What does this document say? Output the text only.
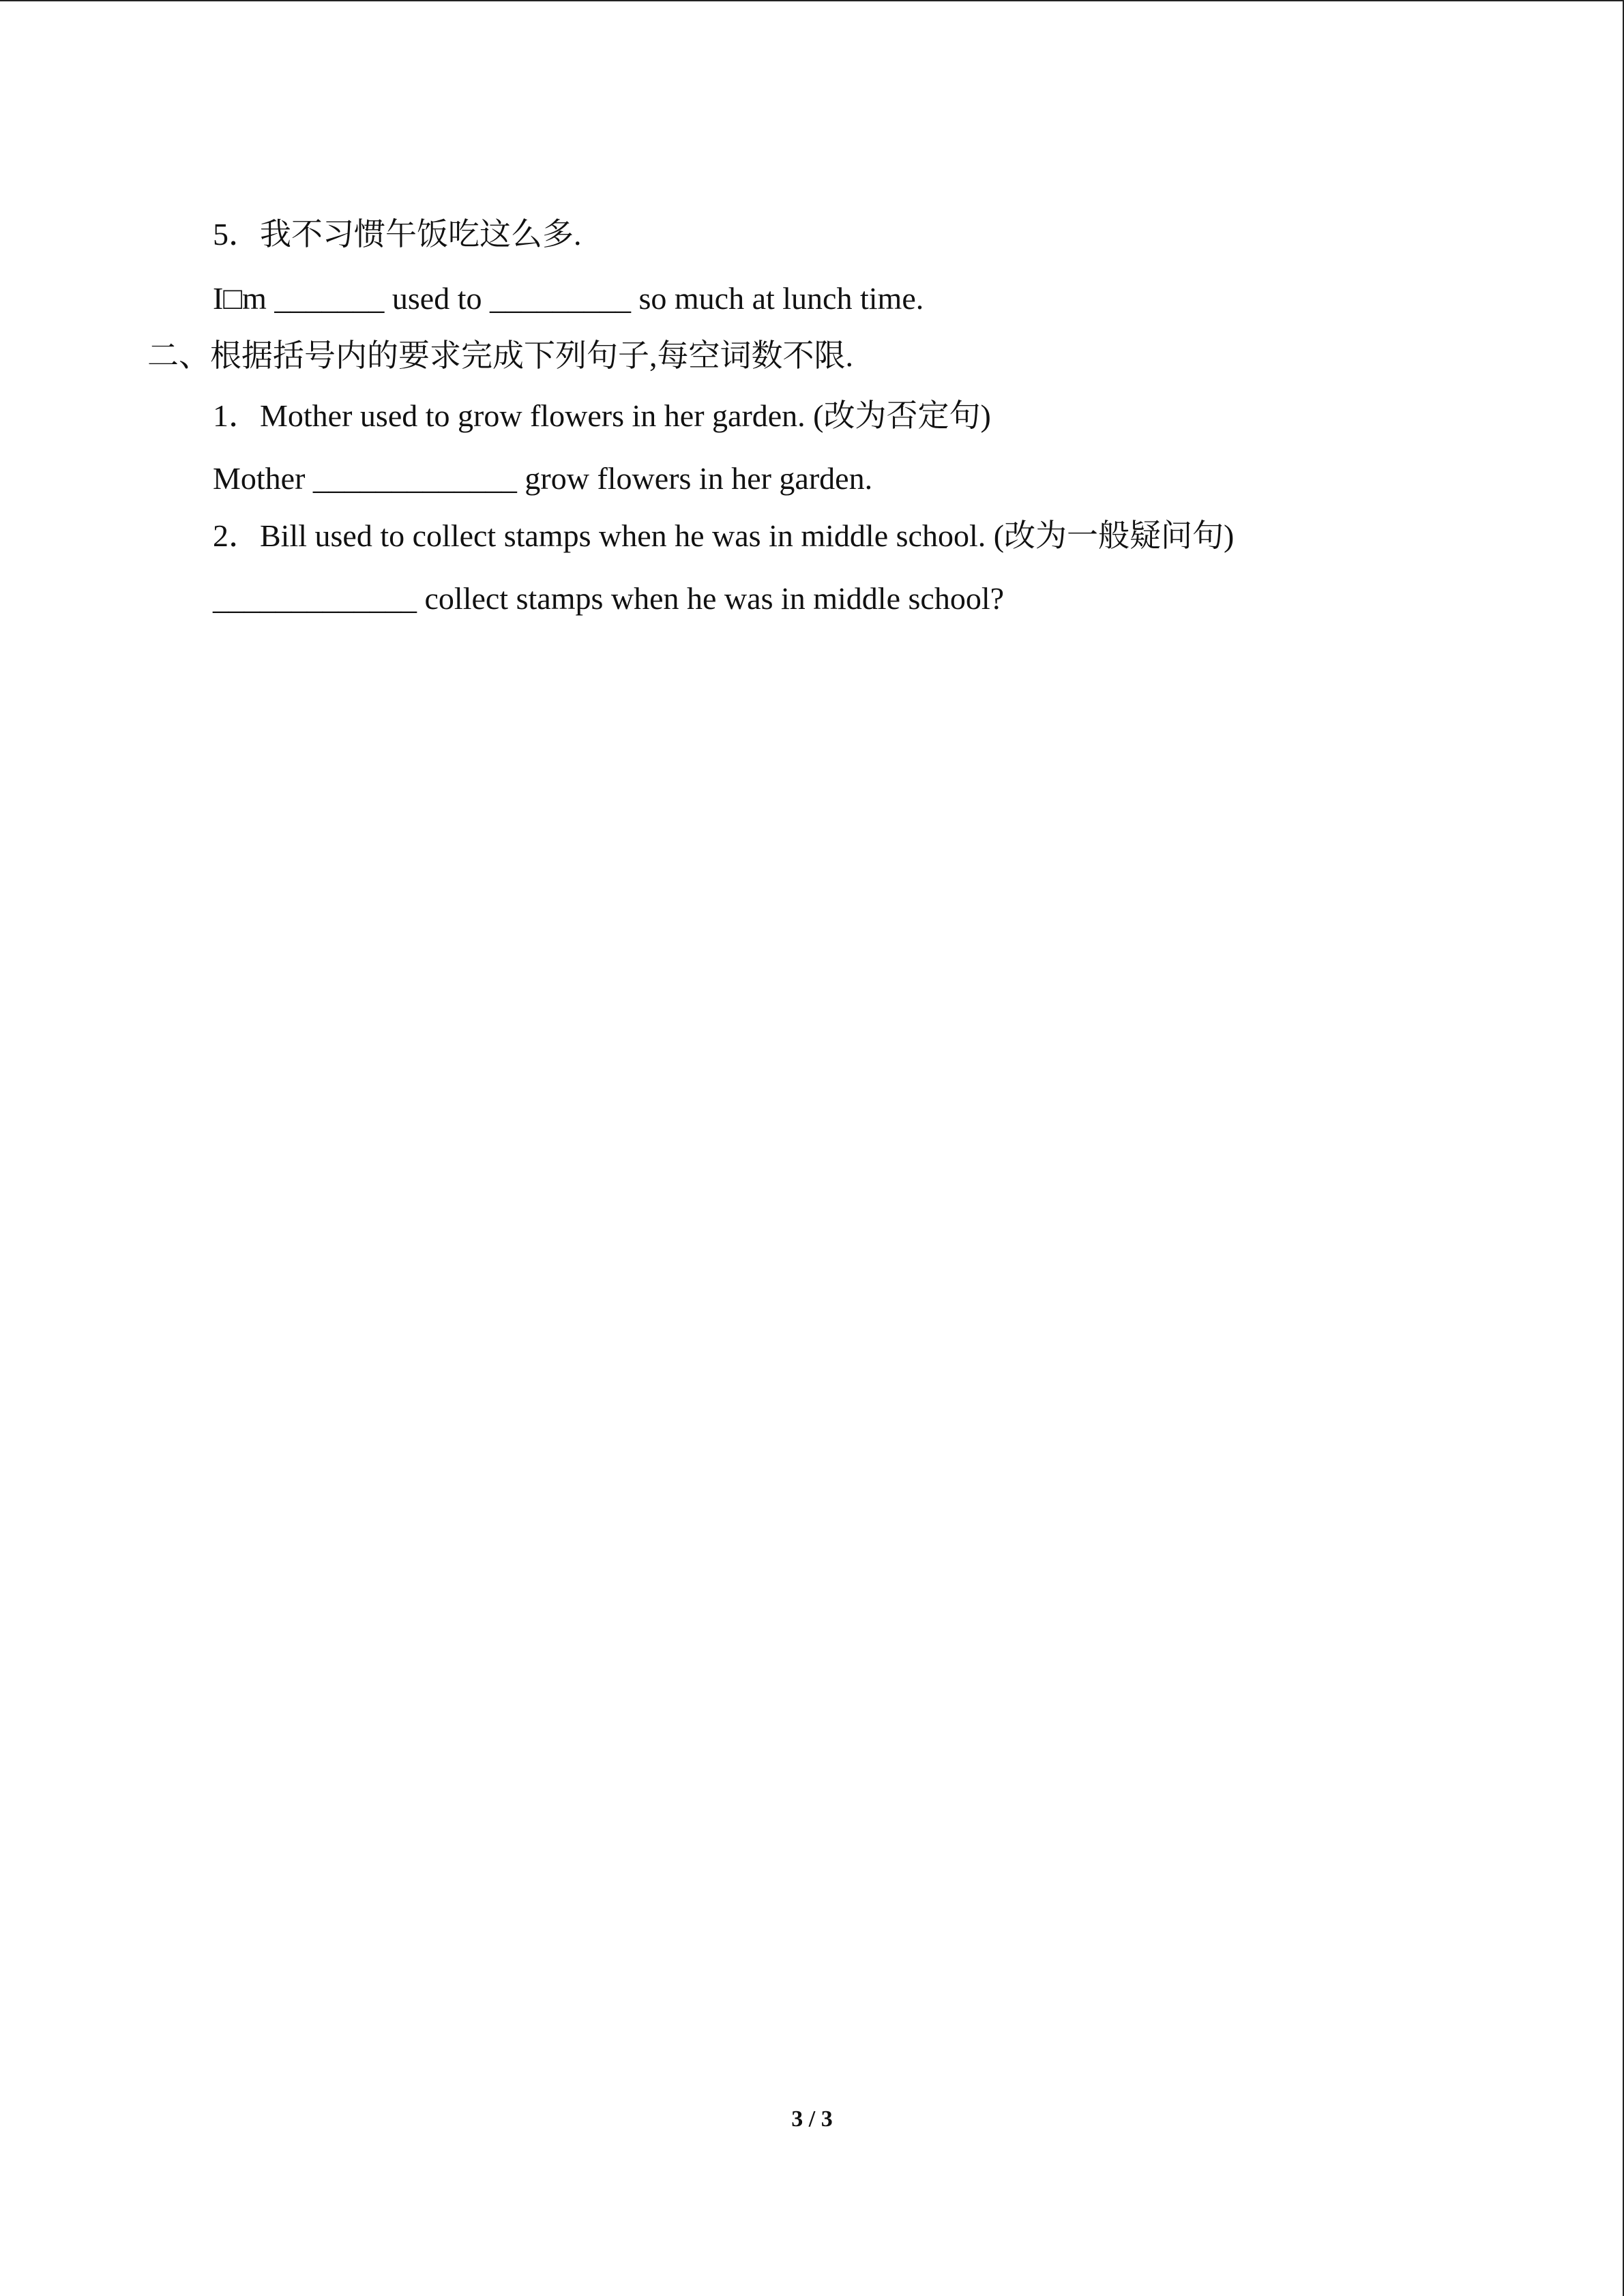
5．我不习惯午饭吃这么多.
I□m _______ used to _________ so much at lunch time.
二、根据括号内的要求完成下列句子,每空词数不限.
1．Mother used to grow flowers in her garden. (改为否定句)
Mother _____________ grow flowers in her garden.
2．Bill used to collect stamps when he was in middle school. (改为一般疑问句)
_____________ collect stamps when he was in middle school?
3 / 3
